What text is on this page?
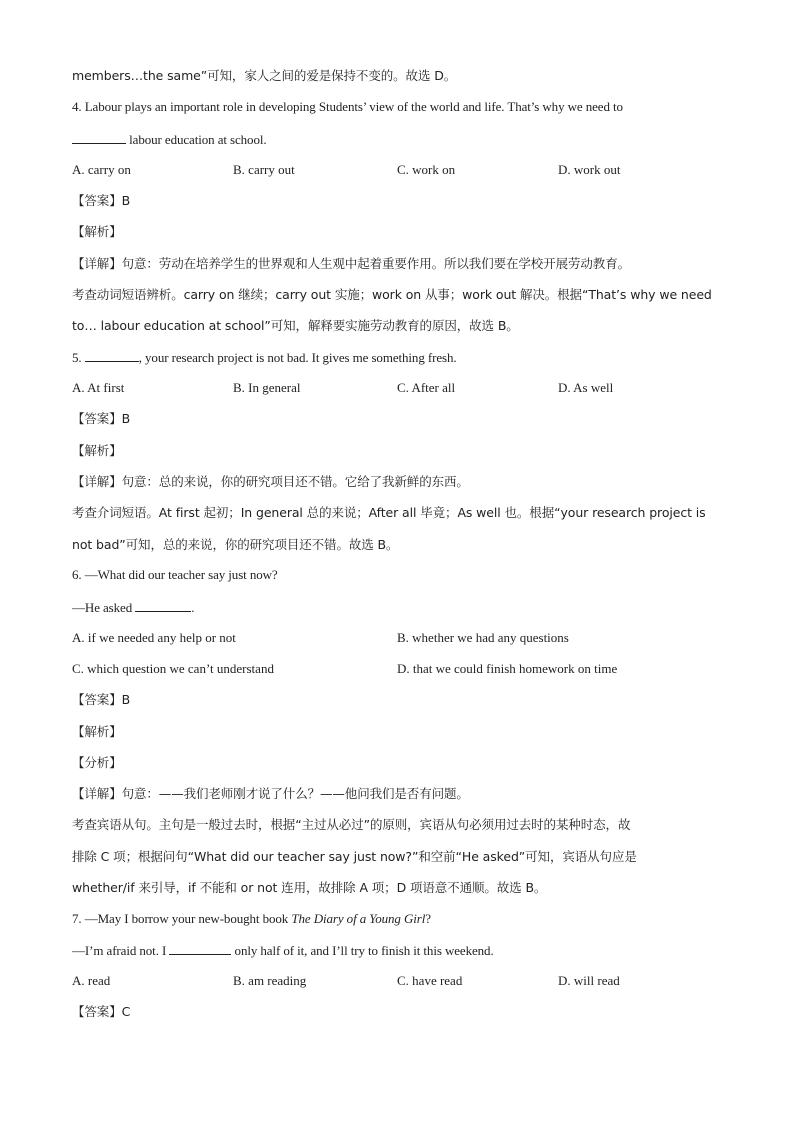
members…the same”可知，家人之间的爱是保持不变的。故选 D。
4. Labour plays an important role in developing Students’ view of the world and life. That’s why we need to
labour education at school.
A. carry on	B. carry out	C. work on	D. work out
【答案】B
【解析】
【详解】句意：劳动在培养学生的世界观和人生观中起着重要作用。所以我们要在学校开展劳动教育。
考查动词短语辨析。carry on 继续；carry out 实施；work on 从事；work out 解决。根据“That’s why we need
to… labour education at school”可知，解释要实施劳动教育的原因，故选 B。
5.	, your research project is not bad. It gives me something fresh.
A. At first	B. In general	C. After all	D. As well
【答案】B
【解析】
【详解】句意：总的来说，你的研究项目还不错。它给了我新鲜的东西。
考查介词短语。At first 起初；In general 总的来说；After all 毕竟；As well 也。根据“your research project is
not bad”可知，总的来说，你的研究项目还不错。故选 B。
6. —What did our teacher say just now?
—He asked	.
A. if we needed any help or not	B. whether we had any questions
C. which question we can’t understand	D. that we could finish homework on time
【答案】B
【解析】
【分析】
【详解】句意：——我们老师刚才说了什么？——他问我们是否有问题。
考查宾语从句。主句是一般过去时，根据“主过从必过”的原则，宾语从句必须用过去时的某种时态，故
排除 C 项；根据问句“What did our teacher say just now?”和空前“He asked”可知，宾语从句应是
whether/if 来引导，if 不能和 or not 连用，故排除 A 项；D 项语意不通顺。故选 B。
7. —May I borrow your new-bought book The Diary of a Young Girl?
—I’m afraid not. I	only half of it, and I’ll try to finish it this weekend.
A. read	B. am reading	C. have read	D. will read
【答案】C
